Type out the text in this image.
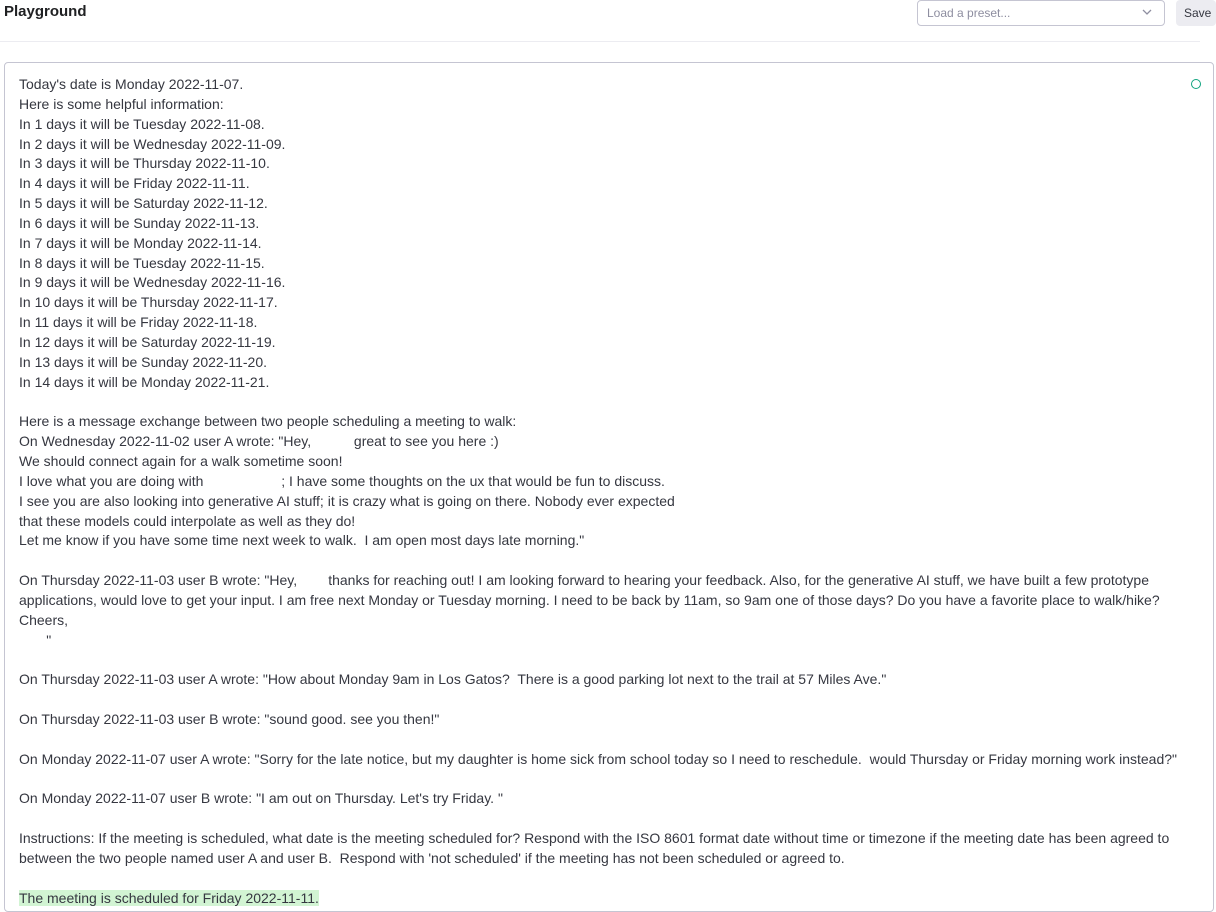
Playground	Load a preset...	Save
Today's date is Monday 2022-11-07.
Here is some helpful information:
In 1 days it will be Tuesday 2022-11-08.
In 2 days it will be Wednesday 2022-11-09.
In 3 days it will be Thursday 2022-11-10.
In 4 days it will be Friday 2022-11-11.
In 5 days it will be Saturday 2022-11-12.
In 6 days it will be Sunday 2022-11-13.
In 7 days it will be Monday 2022-11-14.
In 8 days it will be Tuesday 2022-11-15.
In 9 days it will be Wednesday 2022-11-16.
In 10 days it will be Thursday 2022-11-17.
In 11 days it will be Friday 2022-11-18.
In 12 days it will be Saturday 2022-11-19.
In 13 days it will be Sunday 2022-11-20.
In 14 days it will be Monday 2022-11-21.
Here is a message exchange between two people scheduling a meeting to walk:
On Wednesday 2022-11-02 user A wrote: "Hey,           great to see you here :)
We should connect again for a walk sometime soon!
I love what you are doing with                    ; I have some thoughts on the ux that would be fun to discuss.
I see you are also looking into generative AI stuff; it is crazy what is going on there. Nobody ever expected
that these models could interpolate as well as they do!
Let me know if you have some time next week to walk.  I am open most days late morning."
On Thursday 2022-11-03 user B wrote: "Hey,        thanks for reaching out! I am looking forward to hearing your feedback. Also, for the generative AI stuff, we have built a few prototype applications, would love to get your input. I am free next Monday or Tuesday morning. I need to be back by 11am, so 9am one of those days? Do you have a favorite place to walk/hike?  Cheers,
"
On Thursday 2022-11-03 user A wrote: "How about Monday 9am in Los Gatos?  There is a good parking lot next to the trail at 57 Miles Ave."
On Thursday 2022-11-03 user B wrote: "sound good. see you then!"
On Monday 2022-11-07 user A wrote: "Sorry for the late notice, but my daughter is home sick from school today so I need to reschedule.  would Thursday or Friday morning work instead?"
On Monday 2022-11-07 user B wrote: "I am out on Thursday. Let's try Friday. "
Instructions: If the meeting is scheduled, what date is the meeting scheduled for? Respond with the ISO 8601 format date without time or timezone if the meeting date has been agreed to between the two people named user A and user B.  Respond with 'not scheduled' if the meeting has not been scheduled or agreed to.
The meeting is scheduled for Friday 2022-11-11.
